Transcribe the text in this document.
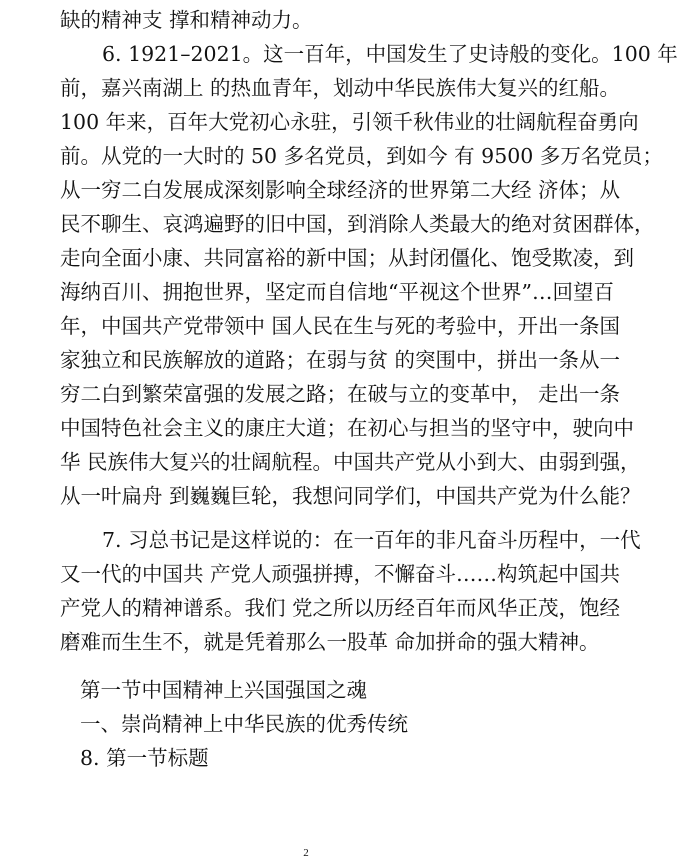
缺的精神支 撑和精神动力。
6. 1921–2021。这一百年，中国发生了史诗般的变化。100 年
前，嘉兴南湖上 的热血青年，划动中华民族伟大复兴的红船。
100 年来，百年大党初心永驻，引领千秋伟业的壮阔航程奋勇向
前。从党的一大时的 50 多名党员，到如今 有 9500 多万名党员；
从一穷二白发展成深刻影响全球经济的世界第二大经 济体；从
民不聊生、哀鸿遍野的旧中国，到消除人类最大的绝对贫困群体，
走向全面小康、共同富裕的新中国；从封闭僵化、饱受欺凌，到
海纳百川、拥抱世界，坚定而自信地“平视这个世界”…回望百
年，中国共产党带领中 国人民在生与死的考验中，开出一条国
家独立和民族解放的道路；在弱与贫 的突围中，拼出一条从一
穷二白到繁荣富强的发展之路；在破与立的变革中， 走出一条
中国特色社会主义的康庄大道；在初心与担当的坚守中，驶向中
华 民族伟大复兴的壮阔航程。中国共产党从小到大、由弱到强，
从一叶扁舟 到巍巍巨轮，我想问同学们，中国共产党为什么能？
7. 习总书记是这样说的：在一百年的非凡奋斗历程中，一代
又一代的中国共 产党人顽强拼搏，不懈奋斗……构筑起中国共
产党人的精神谱系。我们 党之所以历经百年而风华正茂，饱经
磨难而生生不，就是凭着那么一股革 命加拼命的强大精神。
第一节中国精神上兴国强国之魂
一、崇尚精神上中华民族的优秀传统
8. 第一节标题
2
